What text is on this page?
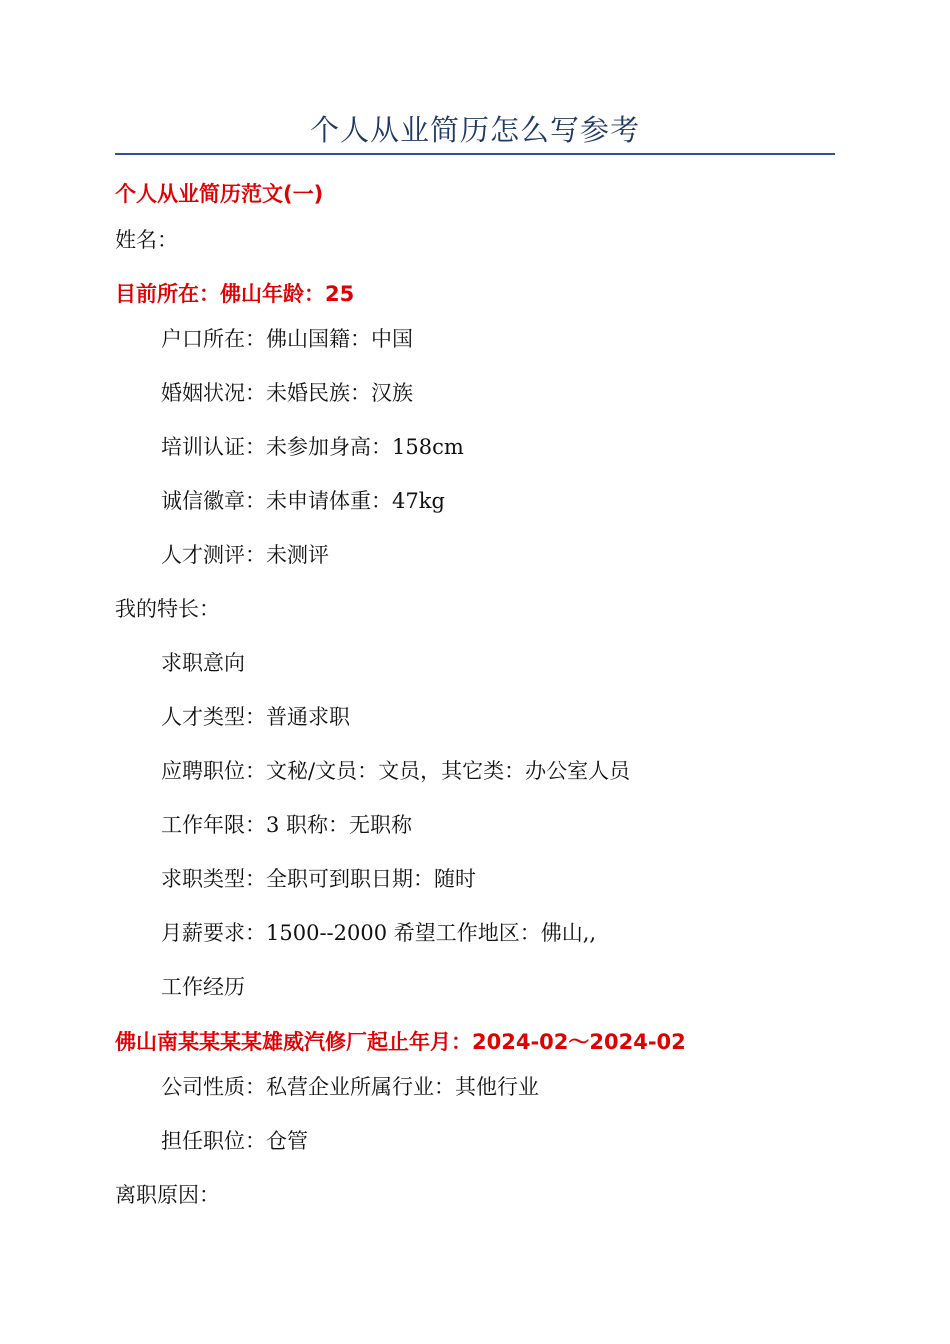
个人从业简历怎么写参考
个人从业简历范文(一)
姓名：
目前所在：佛山年龄：25
户口所在：佛山国籍：中国
婚姻状况：未婚民族：汉族
培训认证：未参加身高：158cm
诚信徽章：未申请体重：47kg
人才测评：未测评
我的特长：
求职意向
人才类型：普通求职
应聘职位：文秘/文员：文员，其它类：办公室人员
工作年限：3 职称：无职称
求职类型：全职可到职日期：随时
月薪要求：1500--2000 希望工作地区：佛山,,
工作经历
佛山南某某某某雄威汽修厂起止年月：2024-02～2024-02
公司性质：私营企业所属行业：其他行业
担任职位：仓管
离职原因：
